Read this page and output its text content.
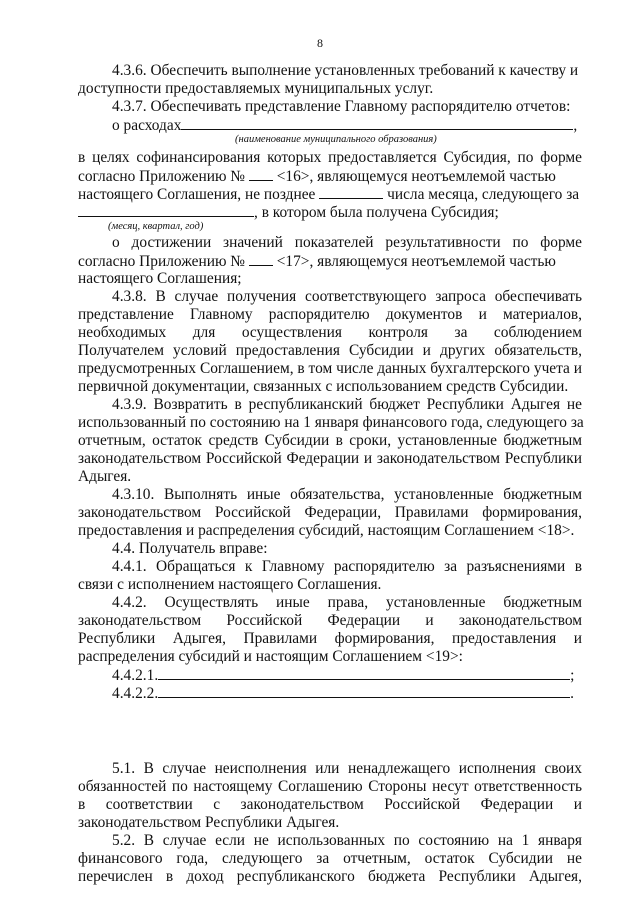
8
4.3.6. Обеспечить выполнение установленных требований к качеству и
доступности предоставляемых муниципальных услуг.
4.3.7. Обеспечивать представление Главному распорядителю отчетов:
о расходах	,
(наименование муниципального образования)
в целях софинансирования которых предоставляется Субсидия, по форме
согласно Приложению № <16>, являющемуся неотъемлемой частью
настоящего Соглашения, не позднее	числа месяца, следующего за
, в котором была получена Субсидия;
(месяц, квартал, год)
о достижении значений показателей результативности по форме
согласно Приложению № <17>, являющемуся неотъемлемой частью
настоящего Соглашения;
4.3.8. В случае получения соответствующего запроса обеспечивать
представление Главному распорядителю документов и материалов,
необходимых для осуществления контроля за соблюдением
Получателем условий предоставления Субсидии и других обязательств,
предусмотренных Соглашением, в том числе данных бухгалтерского учета и
первичной документации, связанных с использованием средств Субсидии.
4.3.9. Возвратить в республиканский бюджет Республики Адыгея не
использованный по состоянию на 1 января финансового года, следующего за
отчетным, остаток средств Субсидии в сроки, установленные бюджетным
законодательством Российской Федерации и законодательством Республики
Адыгея.
4.3.10. Выполнять иные обязательства, установленные бюджетным
законодательством Российской Федерации, Правилами формирования,
предоставления и распределения субсидий, настоящим Соглашением <18>.
4.4. Получатель вправе:
4.4.1. Обращаться к Главному распорядителю за разъяснениями в
связи с исполнением настоящего Соглашения.
4.4.2. Осуществлять иные права, установленные бюджетным
законодательством Российской Федерации и законодательством
Республики Адыгея, Правилами формирования, предоставления и
распределения субсидий и настоящим Соглашением <19>:
4.4.2.1.	;
4.4.2.2.	.
5.1. В случае неисполнения или ненадлежащего исполнения своих
обязанностей по настоящему Соглашению Стороны несут ответственность
в соответствии с законодательством Российской Федерации и
законодательством Республики Адыгея.
5.2. В случае если не использованных по состоянию на 1 января
финансового года, следующего за отчетным, остаток Субсидии не
перечислен в доход республиканского бюджета Республики Адыгея,
